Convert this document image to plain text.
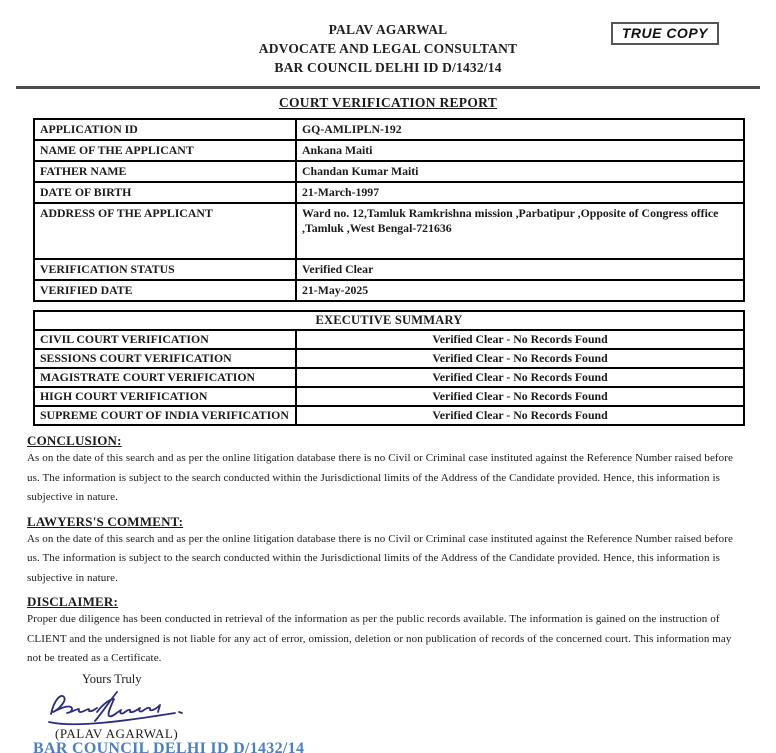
TRUE COPY
PALAV AGARWAL
ADVOCATE AND LEGAL CONSULTANT
BAR COUNCIL DELHI ID D/1432/14
COURT VERIFICATION REPORT
APPLICATION ID	GQ-AMLIPLN-192
NAME OF THE APPLICANT	Ankana Maiti
FATHER NAME	Chandan Kumar Maiti
DATE OF BIRTH	21-March-1997
ADDRESS OF THE APPLICANT	Ward no. 12,Tamluk Ramkrishna mission ,Parbatipur ,Opposite of Congress office ,Tamluk ,West Bengal-721636
VERIFICATION STATUS	Verified Clear
VERIFIED DATE	21-May-2025
EXECUTIVE SUMMARY	
CIVIL COURT VERIFICATION	Verified Clear - No Records Found
SESSIONS COURT VERIFICATION	Verified Clear - No Records Found
MAGISTRATE COURT VERIFICATION	Verified Clear - No Records Found
HIGH COURT VERIFICATION	Verified Clear - No Records Found
SUPREME COURT OF INDIA VERIFICATION	Verified Clear - No Records Found
CONCLUSION:

As on the date of this search and as per the online litigation database there is no Civil or Criminal case instituted against the Reference Number raised before us. The information is subject to the search conducted within the Jurisdictional limits of the Address of the Candidate provided. Hence, this information is subjective in nature.

LAWYERS'S COMMENT:

As on the date of this search and as per the online litigation database there is no Civil or Criminal case instituted against the Reference Number raised before us. The information is subject to the search conducted within the Jurisdictional limits of the Address of the Candidate provided. Hence, this information is subjective in nature.

DISCLAIMER:

Proper due diligence has been conducted in retrieval of the information as per the public records available. The information is gained on the instruction of CLIENT and the undersigned is not liable for any act of error, omission, deletion or non publication of records of the concerned court. This information may not be treated as a Certificate.

Yours Truly
(PALAV AGARWAL)
BAR COUNCIL DELHI ID D/1432/14
